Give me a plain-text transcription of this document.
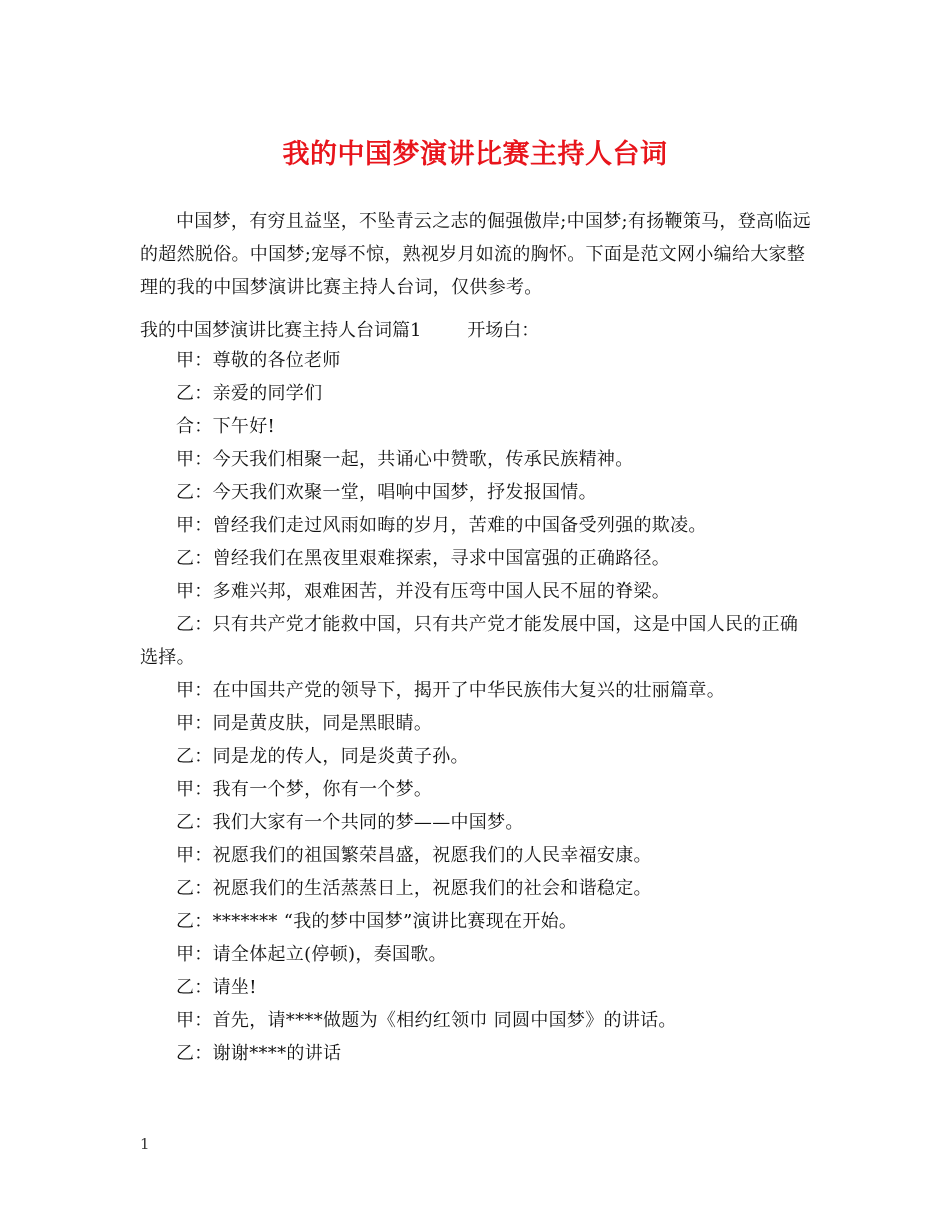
我的中国梦演讲比赛主持人台词

中国梦，有穷且益坚，不坠青云之志的倔强傲岸;中国梦;有扬鞭策马，登高临远的超然脱俗。中国梦;宠辱不惊，熟视岁月如流的胸怀。下面是范文网小编给大家整理的我的中国梦演讲比赛主持人台词，仅供参考。

我的中国梦演讲比赛主持人台词篇1        开场白：

甲：尊敬的各位老师

乙：亲爱的同学们

合：下午好!

甲：今天我们相聚一起，共诵心中赞歌，传承民族精神。

乙：今天我们欢聚一堂，唱响中国梦，抒发报国情。

甲：曾经我们走过风雨如晦的岁月，苦难的中国备受列强的欺凌。

乙：曾经我们在黑夜里艰难探索，寻求中国富强的正确路径。

甲：多难兴邦，艰难困苦，并没有压弯中国人民不屈的脊梁。

乙：只有共产党才能救中国，只有共产党才能发展中国，这是中国人民的正确选择。

甲：在中国共产党的领导下，揭开了中华民族伟大复兴的壮丽篇章。

甲：同是黄皮肤，同是黑眼睛。

乙：同是龙的传人，同是炎黄子孙。

甲：我有一个梦，你有一个梦。

乙：我们大家有一个共同的梦——中国梦。

甲：祝愿我们的祖国繁荣昌盛，祝愿我们的人民幸福安康。

乙：祝愿我们的生活蒸蒸日上，祝愿我们的社会和谐稳定。

乙：******* “我的梦中国梦”演讲比赛现在开始。

甲：请全体起立(停顿)，奏国歌。

乙：请坐!

甲：首先，请****做题为《相约红领巾 同圆中国梦》的讲话。

乙：谢谢****的讲话

1
